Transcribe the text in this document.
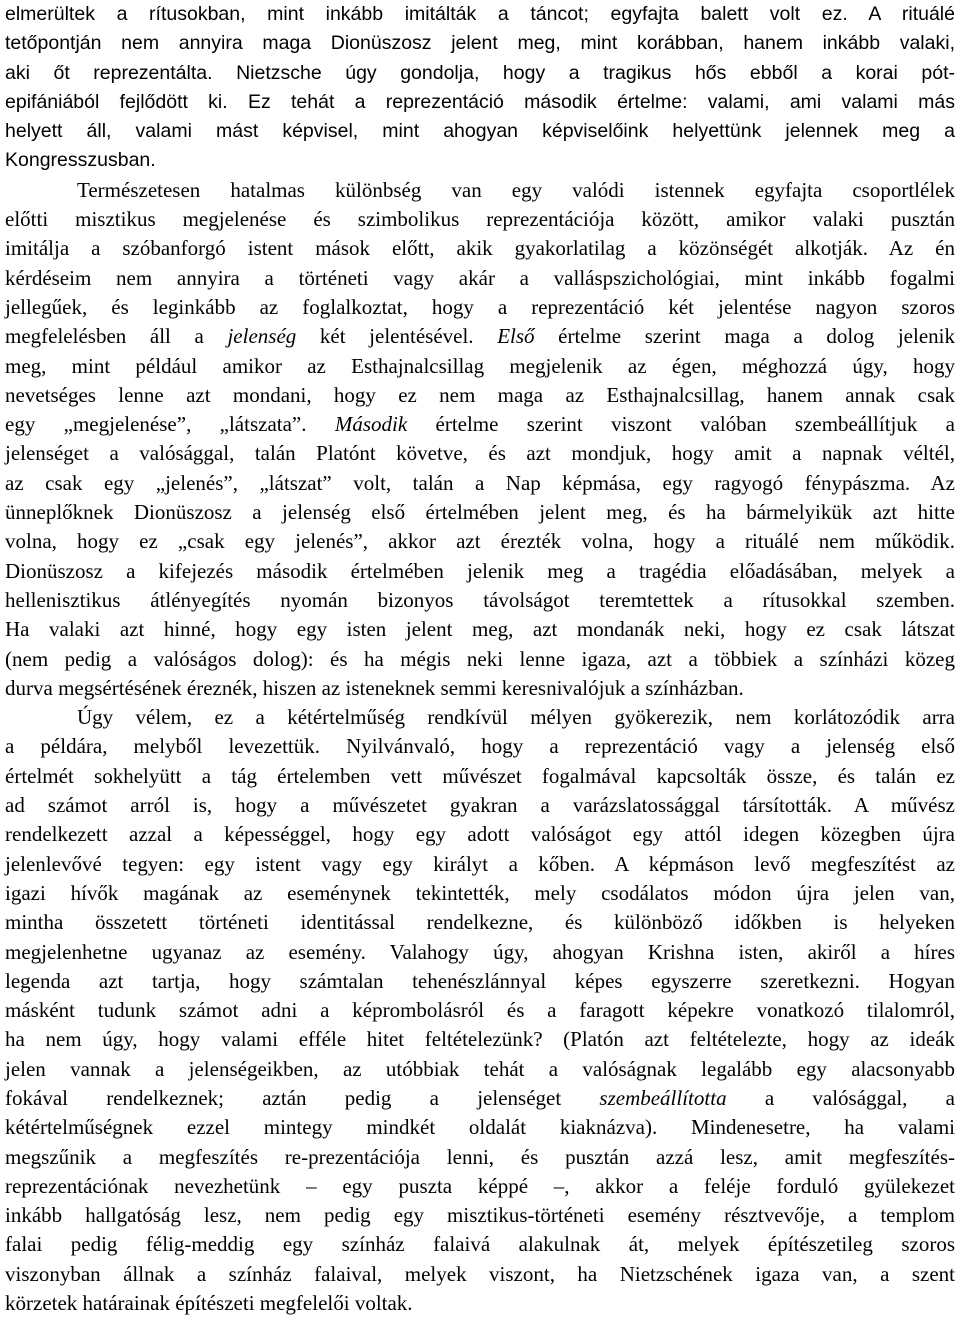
elmerültek a rítusokban, mint inkább imitálták a táncot; egyfajta balett volt ez. A rituálé
tetőpontján nem annyira maga Dionüszosz jelent meg, mint korábban, hanem inkább valaki,
aki őt reprezentálta. Nietzsche úgy gondolja, hogy a tragikus hős ebből a korai pót-
epifániából fejlődött ki. Ez tehát a reprezentáció második értelme: valami, ami valami más
helyett áll, valami mást képvisel, mint ahogyan képviselőink helyettünk jelennek meg a
Kongresszusban.
Természetesen hatalmas különbség van egy valódi istennek egyfajta csoportlélek
előtti misztikus megjelenése és szimbolikus reprezentációja között, amikor valaki pusztán
imitálja a szóbanforgó istent mások előtt, akik gyakorlatilag a közönségét alkotják. Az én
kérdéseim nem annyira a történeti vagy akár a valláspszichológiai, mint inkább fogalmi
jellegűek, és leginkább az foglalkoztat, hogy a reprezentáció két jelentése nagyon szoros
megfelelésben áll a jelenség két jelentésével. Első értelme szerint maga a dolog jelenik
meg, mint például amikor az Esthajnalcsillag megjelenik az égen, méghozzá úgy, hogy
nevetséges lenne azt mondani, hogy ez nem maga az Esthajnalcsillag, hanem annak csak
egy „megjelenése”, „látszata”. Második értelme szerint viszont valóban szembeállítjuk a
jelenséget a valósággal, talán Platónt követve, és azt mondjuk, hogy amit a napnak véltél,
az csak egy „jelenés”, „látszat” volt, talán a Nap képmása, egy ragyogó fénypászma. Az
ünneplőknek Dionüszosz a jelenség első értelmében jelent meg, és ha bármelyikük azt hitte
volna, hogy ez „csak egy jelenés”, akkor azt érezték volna, hogy a rituálé nem működik.
Dionüszosz a kifejezés második értelmében jelenik meg a tragédia előadásában, melyek a
hellenisztikus átlényegítés nyomán bizonyos távolságot teremtettek a rítusokkal szemben.
Ha valaki azt hinné, hogy egy isten jelent meg, azt mondanák neki, hogy ez csak látszat
(nem pedig a valóságos dolog): és ha mégis neki lenne igaza, azt a többiek a színházi közeg
durva megsértésének éreznék, hiszen az isteneknek semmi keresnivalójuk a színházban.
Úgy vélem, ez a kétértelműség rendkívül mélyen gyökerezik, nem korlátozódik arra
a példára, melyből levezettük. Nyilvánvaló, hogy a reprezentáció vagy a jelenség első
értelmét sokhelyütt a tág értelemben vett művészet fogalmával kapcsolták össze, és talán ez
ad számot arról is, hogy a művészetet gyakran a varázslatossággal társították. A művész
rendelkezett azzal a képességgel, hogy egy adott valóságot egy attól idegen közegben újra
jelenlevővé tegyen: egy istent vagy egy királyt a kőben. A képmáson levő megfeszítést az
igazi hívők magának az eseménynek tekintették, mely csodálatos módon újra jelen van,
mintha összetett történeti identitással rendelkezne, és különböző időkben is helyeken
megjelenhetne ugyanaz az esemény. Valahogy úgy, ahogyan Krishna isten, akiről a híres
legenda azt tartja, hogy számtalan tehenészlánnyal képes egyszerre szeretkezni. Hogyan
másként tudunk számot adni a képrombolásról és a faragott képekre vonatkozó tilalomról,
ha nem úgy, hogy valami efféle hitet feltételezünk? (Platón azt feltételezte, hogy az ideák
jelen vannak a jelenségeikben, az utóbbiak tehát a valóságnak legalább egy alacsonyabb
fokával rendelkeznek; aztán pedig a jelenséget szembeállította a valósággal, a
kétértelműségnek ezzel mintegy mindkét oldalát kiaknázva). Mindenesetre, ha valami
megszűnik a megfeszítés re-prezentációja lenni, és pusztán azzá lesz, amit megfeszítés-
reprezentációnak nevezhetünk – egy puszta képpé –, akkor a feléje forduló gyülekezet
inkább hallgatóság lesz, nem pedig egy misztikus-történeti esemény résztvevője, a templom
falai pedig félig-meddig egy színház falaivá alakulnak át, melyek építészetileg szoros
viszonyban állnak a színház falaival, melyek viszont, ha Nietzschének igaza van, a szent
körzetek határainak építészeti megfelelői voltak.
